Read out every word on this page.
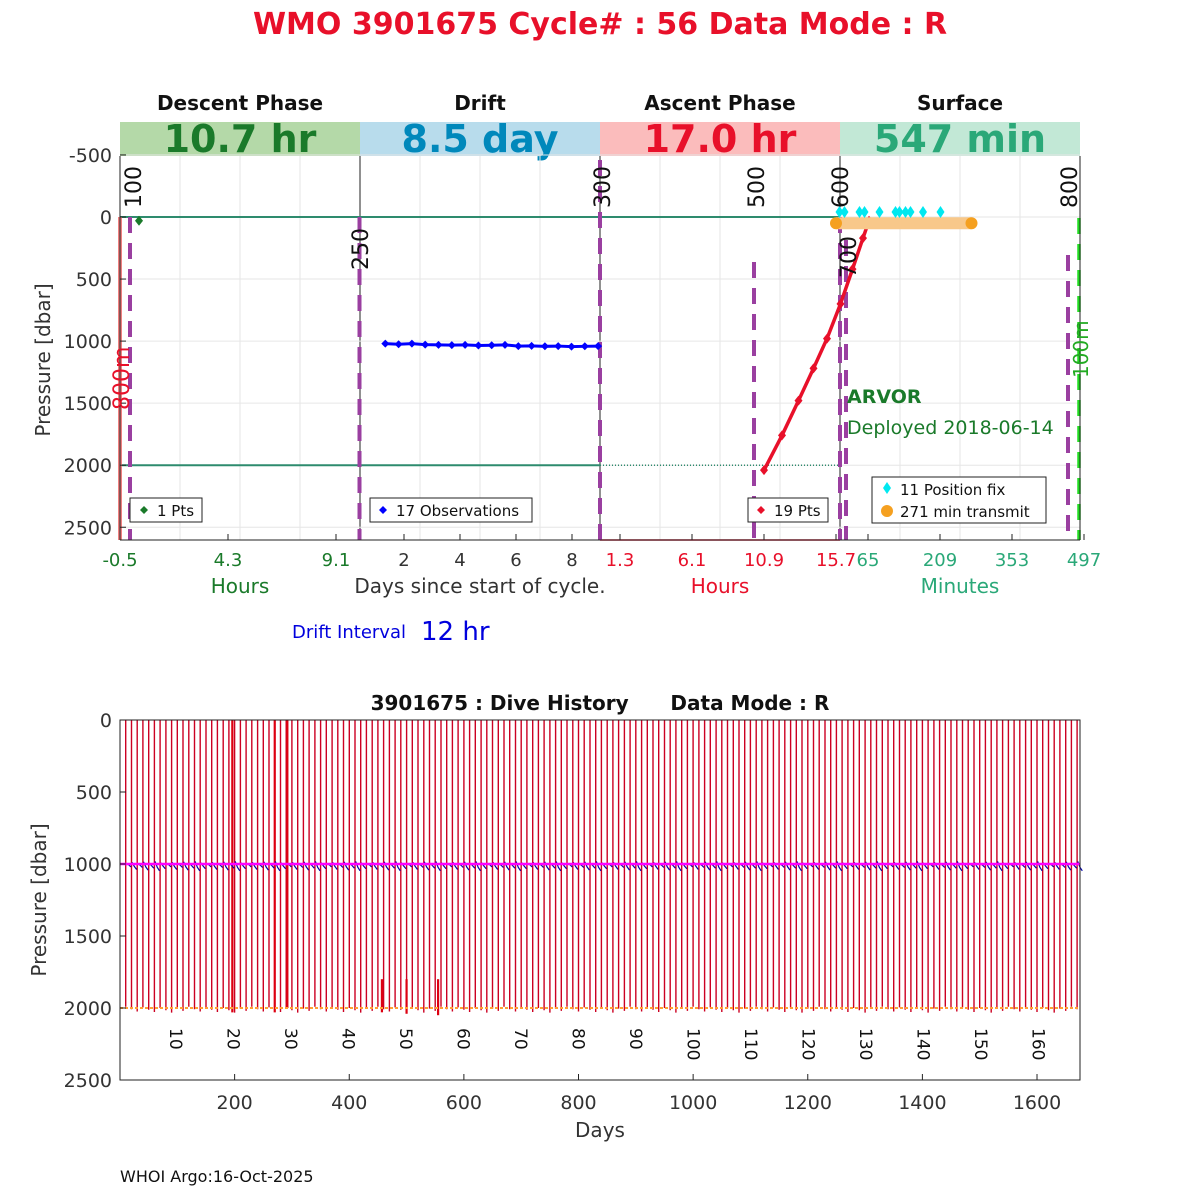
WMO 3901675 Cycle# : 56 Data Mode : R
Descent Phase
10.7 hr
Drift
8.5 day
Ascent Phase
17.0 hr
Surface
547 min
-0.5	4.3	9.1
Hours
2 4 6 8 1.3 6.1 10.9 15.7
Hours
65 209 353 497
Minutes
-500
0
500
1000
1500
2000
2500
100
250
300	500	600
700
800
800m	100m
1 Pts	17 Observations	19 Pts
11 Position fix
271 min transmit
Pressure [dbar]
Days since start of cycle.
Drift Interval 12 hr
ARVOR
Deployed 2018-06-14
3901675 : Dive History      Data Mode : R
0
500
1000
1500
2000
2500
200	400	600	800	1000	1200	1400	1600
10 20 30 40 50 60 70 80 90 100 110 120 130 140 150 160
Days
Pressure [dbar]
WHOI Argo:16-Oct-2025
